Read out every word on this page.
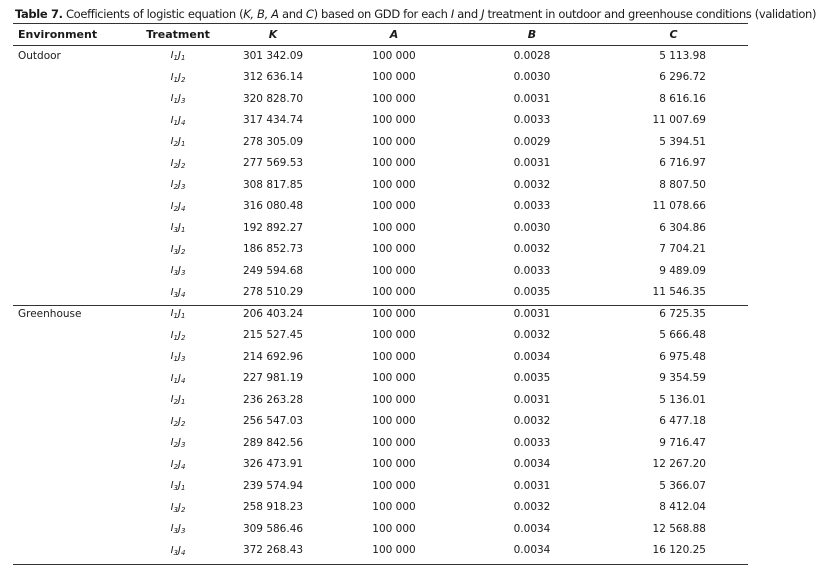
Table 7. Coefficients of logistic equation (K, B, A and C) based on GDD for each I and J treatment in outdoor and greenhouse conditions (validation)
Environment	Treatment	K	A	B	C
Outdoor	$I_1J_1$	301 342.09	100 000	0.0028	5 113.98
	$I_1J_2$	312 636.14	100 000	0.0030	6 296.72
	$I_1J_3$	320 828.70	100 000	0.0031	8 616.16
	$I_1J_4$	317 434.74	100 000	0.0033	11 007.69
	$I_2J_1$	278 305.09	100 000	0.0029	5 394.51
	$I_2J_2$	277 569.53	100 000	0.0031	6 716.97
	$I_2J_3$	308 817.85	100 000	0.0032	8 807.50
	$I_2J_4$	316 080.48	100 000	0.0033	11 078.66
	$I_3J_1$	192 892.27	100 000	0.0030	6 304.86
	$I_3J_2$	186 852.73	100 000	0.0032	7 704.21
	$I_3J_3$	249 594.68	100 000	0.0033	9 489.09
	$I_3J_4$	278 510.29	100 000	0.0035	11 546.35
Greenhouse	$I_1J_1$	206 403.24	100 000	0.0031	6 725.35
	$I_1J_2$	215 527.45	100 000	0.0032	5 666.48
	$I_1J_3$	214 692.96	100 000	0.0034	6 975.48
	$I_1J_4$	227 981.19	100 000	0.0035	9 354.59
	$I_2J_1$	236 263.28	100 000	0.0031	5 136.01
	$I_2J_2$	256 547.03	100 000	0.0032	6 477.18
	$I_2J_3$	289 842.56	100 000	0.0033	9 716.47
	$I_2J_4$	326 473.91	100 000	0.0034	12 267.20
	$I_3J_1$	239 574.94	100 000	0.0031	5 366.07
	$I_3J_2$	258 918.23	100 000	0.0032	8 412.04
	$I_3J_3$	309 586.46	100 000	0.0034	12 568.88
	$I_3J_4$	372 268.43	100 000	0.0034	16 120.25
